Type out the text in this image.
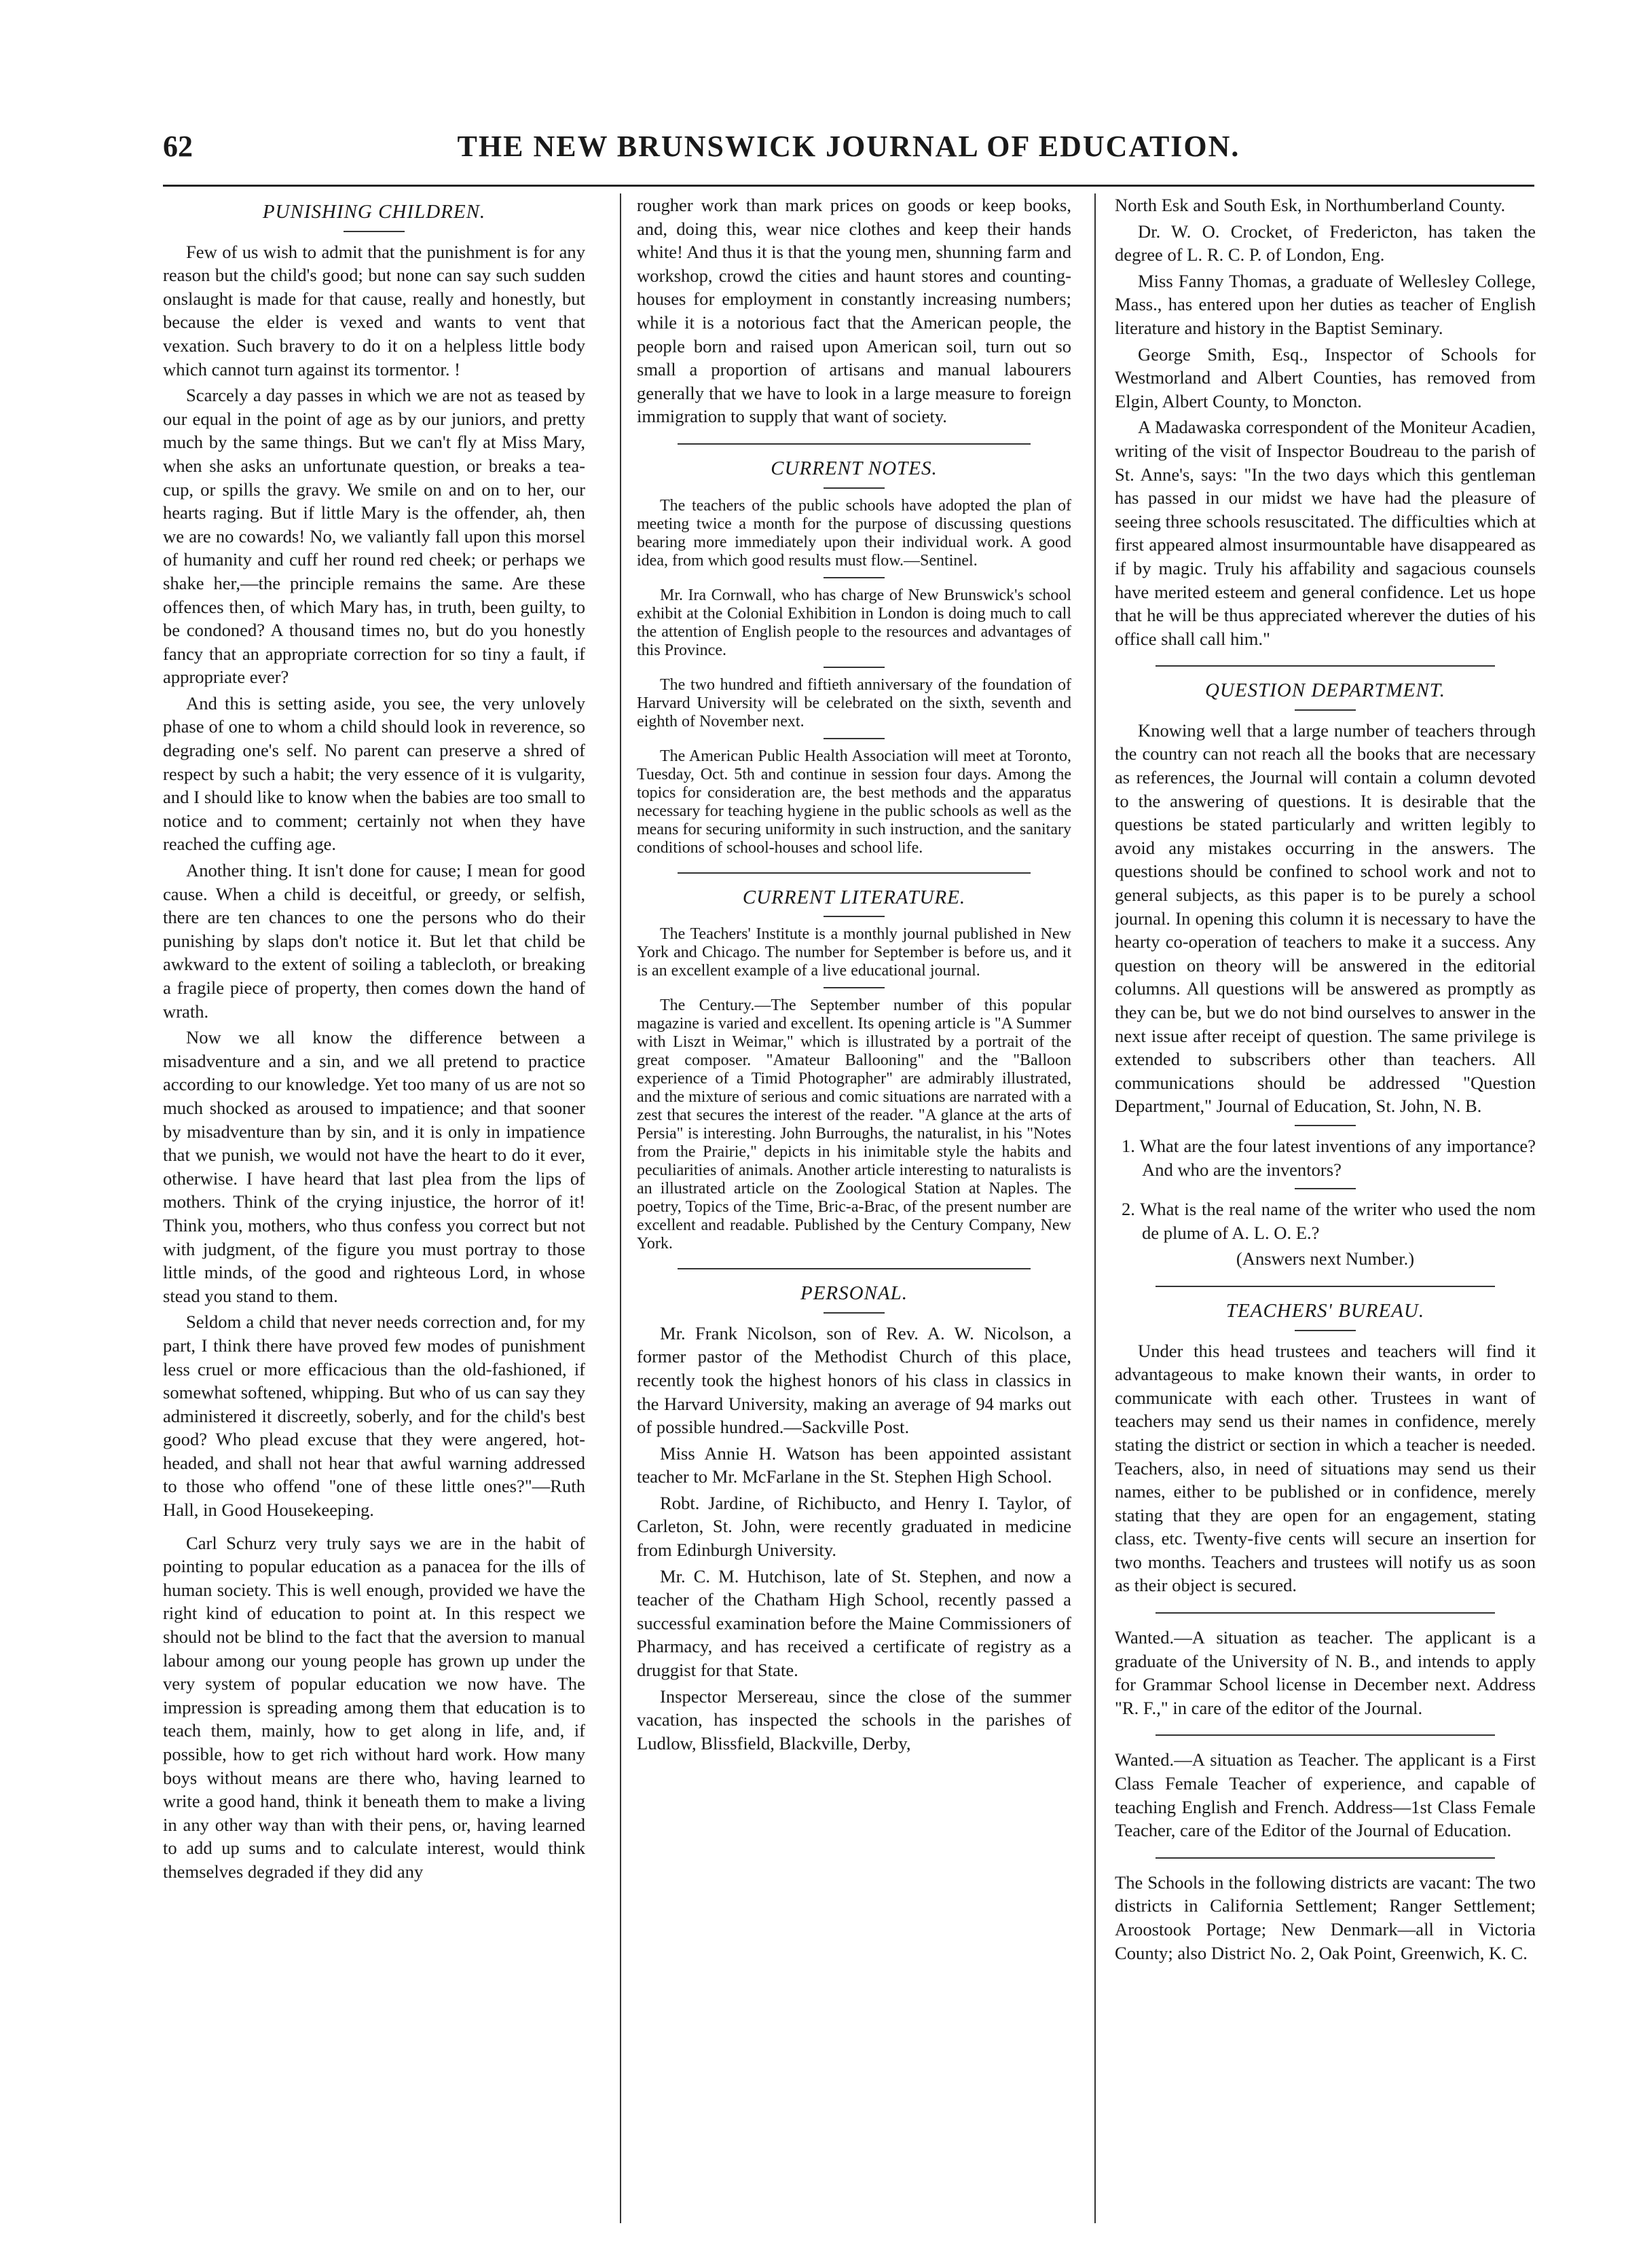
62	THE NEW BRUNSWICK JOURNAL OF EDUCATION.
PUNISHING CHILDREN.

Few of us wish to admit that the punishment is for any reason but the child's good; but none can say such sudden onslaught is made for that cause, really and honestly, but because the elder is vexed and wants to vent that vexation. Such bravery to do it on a helpless little body which cannot turn against its tormentor. !

Scarcely a day passes in which we are not as teased by our equal in the point of age as by our juniors, and pretty much by the same things. But we can't fly at Miss Mary, when she asks an unfortunate question, or breaks a tea-cup, or spills the gravy. We smile on and on to her, our hearts raging. But if little Mary is the offender, ah, then we are no cowards! No, we valiantly fall upon this morsel of humanity and cuff her round red cheek; or perhaps we shake her,—the principle remains the same. Are these offences then, of which Mary has, in truth, been guilty, to be condoned? A thousand times no, but do you honestly fancy that an appropriate correction for so tiny a fault, if appropriate ever?

And this is setting aside, you see, the very unlovely phase of one to whom a child should look in reverence, so degrading one's self. No parent can preserve a shred of respect by such a habit; the very essence of it is vulgarity, and I should like to know when the babies are too small to notice and to comment; certainly not when they have reached the cuffing age.

Another thing. It isn't done for cause; I mean for good cause. When a child is deceitful, or greedy, or selfish, there are ten chances to one the persons who do their punishing by slaps don't notice it. But let that child be awkward to the extent of soiling a tablecloth, or breaking a fragile piece of property, then comes down the hand of wrath.

Now we all know the difference between a misadventure and a sin, and we all pretend to practice according to our knowledge. Yet too many of us are not so much shocked as aroused to impatience; and that sooner by misadventure than by sin, and it is only in impatience that we punish, we would not have the heart to do it ever, otherwise. I have heard that last plea from the lips of mothers. Think of the crying injustice, the horror of it! Think you, mothers, who thus confess you correct but not with judgment, of the figure you must portray to those little minds, of the good and righteous Lord, in whose stead you stand to them.

Seldom a child that never needs correction and, for my part, I think there have proved few modes of punishment less cruel or more efficacious than the old-fashioned, if somewhat softened, whipping. But who of us can say they administered it discreetly, soberly, and for the child's best good? Who plead excuse that they were angered, hot-headed, and shall not hear that awful warning addressed to those who offend "one of these little ones?"—Ruth Hall, in Good Housekeeping.

Carl Schurz very truly says we are in the habit of pointing to popular education as a panacea for the ills of human society. This is well enough, provided we have the right kind of education to point at. In this respect we should not be blind to the fact that the aversion to manual labour among our young people has grown up under the very system of popular education we now have. The impression is spreading among them that education is to teach them, mainly, how to get along in life, and, if possible, how to get rich without hard work. How many boys without means are there who, having learned to write a good hand, think it beneath them to make a living in any other way than with their pens, or, having learned to add up sums and to calculate interest, would think themselves degraded if they did any

rougher work than mark prices on goods or keep books, and, doing this, wear nice clothes and keep their hands white! And thus it is that the young men, shunning farm and workshop, crowd the cities and haunt stores and counting-houses for employment in constantly increasing numbers; while it is a notorious fact that the American people, the people born and raised upon American soil, turn out so small a proportion of artisans and manual labourers generally that we have to look in a large measure to foreign immigration to supply that want of society.

CURRENT NOTES.

The teachers of the public schools have adopted the plan of meeting twice a month for the purpose of discussing questions bearing more immediately upon their individual work. A good idea, from which good results must flow.—Sentinel.

Mr. Ira Cornwall, who has charge of New Brunswick's school exhibit at the Colonial Exhibition in London is doing much to call the attention of English people to the resources and advantages of this Province.

The two hundred and fiftieth anniversary of the foundation of Harvard University will be celebrated on the sixth, seventh and eighth of November next.

The American Public Health Association will meet at Toronto, Tuesday, Oct. 5th and continue in session four days. Among the topics for consideration are, the best methods and the apparatus necessary for teaching hygiene in the public schools as well as the means for securing uniformity in such instruction, and the sanitary conditions of school-houses and school life.

CURRENT LITERATURE.

The Teachers' Institute is a monthly journal published in New York and Chicago. The number for September is before us, and it is an excellent example of a live educational journal.

The Century.—The September number of this popular magazine is varied and excellent. Its opening article is "A Summer with Liszt in Weimar," which is illustrated by a portrait of the great composer. "Amateur Ballooning" and the "Balloon experience of a Timid Photographer" are admirably illustrated, and the mixture of serious and comic situations are narrated with a zest that secures the interest of the reader. "A glance at the arts of Persia" is interesting. John Burroughs, the naturalist, in his "Notes from the Prairie," depicts in his inimitable style the habits and peculiarities of animals. Another article interesting to naturalists is an illustrated article on the Zoological Station at Naples. The poetry, Topics of the Time, Bric-a-Brac, of the present number are excellent and readable. Published by the Century Company, New York.

PERSONAL.

Mr. Frank Nicolson, son of Rev. A. W. Nicolson, a former pastor of the Methodist Church of this place, recently took the highest honors of his class in classics in the Harvard University, making an average of 94 marks out of possible hundred.—Sackville Post.

Miss Annie H. Watson has been appointed assistant teacher to Mr. McFarlane in the St. Stephen High School.

Robt. Jardine, of Richibucto, and Henry I. Taylor, of Carleton, St. John, were recently graduated in medicine from Edinburgh University.

Mr. C. M. Hutchison, late of St. Stephen, and now a teacher of the Chatham High School, recently passed a successful examination before the Maine Commissioners of Pharmacy, and has received a certificate of registry as a druggist for that State.

Inspector Mersereau, since the close of the summer vacation, has inspected the schools in the parishes of Ludlow, Blissfield, Blackville, Derby,

North Esk and South Esk, in Northumberland County.

Dr. W. O. Crocket, of Fredericton, has taken the degree of L. R. C. P. of London, Eng.

Miss Fanny Thomas, a graduate of Wellesley College, Mass., has entered upon her duties as teacher of English literature and history in the Baptist Seminary.

George Smith, Esq., Inspector of Schools for Westmorland and Albert Counties, has removed from Elgin, Albert County, to Moncton.

A Madawaska correspondent of the Moniteur Acadien, writing of the visit of Inspector Boudreau to the parish of St. Anne's, says: "In the two days which this gentleman has passed in our midst we have had the pleasure of seeing three schools resuscitated. The difficulties which at first appeared almost insurmountable have disappeared as if by magic. Truly his affability and sagacious counsels have merited esteem and general confidence. Let us hope that he will be thus appreciated wherever the duties of his office shall call him."

QUESTION DEPARTMENT.

Knowing well that a large number of teachers through the country can not reach all the books that are necessary as references, the Journal will contain a column devoted to the answering of questions. It is desirable that the questions be stated particularly and written legibly to avoid any mistakes occurring in the answers. The questions should be confined to school work and not to general subjects, as this paper is to be purely a school journal. In opening this column it is necessary to have the hearty co-operation of teachers to make it a success. Any question on theory will be answered in the editorial columns. All questions will be answered as promptly as they can be, but we do not bind ourselves to answer in the next issue after receipt of question. The same privilege is extended to subscribers other than teachers. All communications should be addressed "Question Department," Journal of Education, St. John, N. B.

1. What are the four latest inventions of any importance? And who are the inventors?

2. What is the real name of the writer who used the nom de plume of A. L. O. E.?

(Answers next Number.)

TEACHERS' BUREAU.

Under this head trustees and teachers will find it advantageous to make known their wants, in order to communicate with each other. Trustees in want of teachers may send us their names in confidence, merely stating the district or section in which a teacher is needed. Teachers, also, in need of situations may send us their names, either to be published or in confidence, merely stating that they are open for an engagement, stating class, etc. Twenty-five cents will secure an insertion for two months. Teachers and trustees will notify us as soon as their object is secured.

Wanted.—A situation as teacher. The applicant is a graduate of the University of N. B., and intends to apply for Grammar School license in December next. Address "R. F.," in care of the editor of the Journal.

Wanted.—A situation as Teacher. The applicant is a First Class Female Teacher of experience, and capable of teaching English and French. Address—1st Class Female Teacher, care of the Editor of the Journal of Education.

The Schools in the following districts are vacant: The two districts in California Settlement; Ranger Settlement; Aroostook Portage; New Denmark—all in Victoria County; also District No. 2, Oak Point, Greenwich, K. C.
